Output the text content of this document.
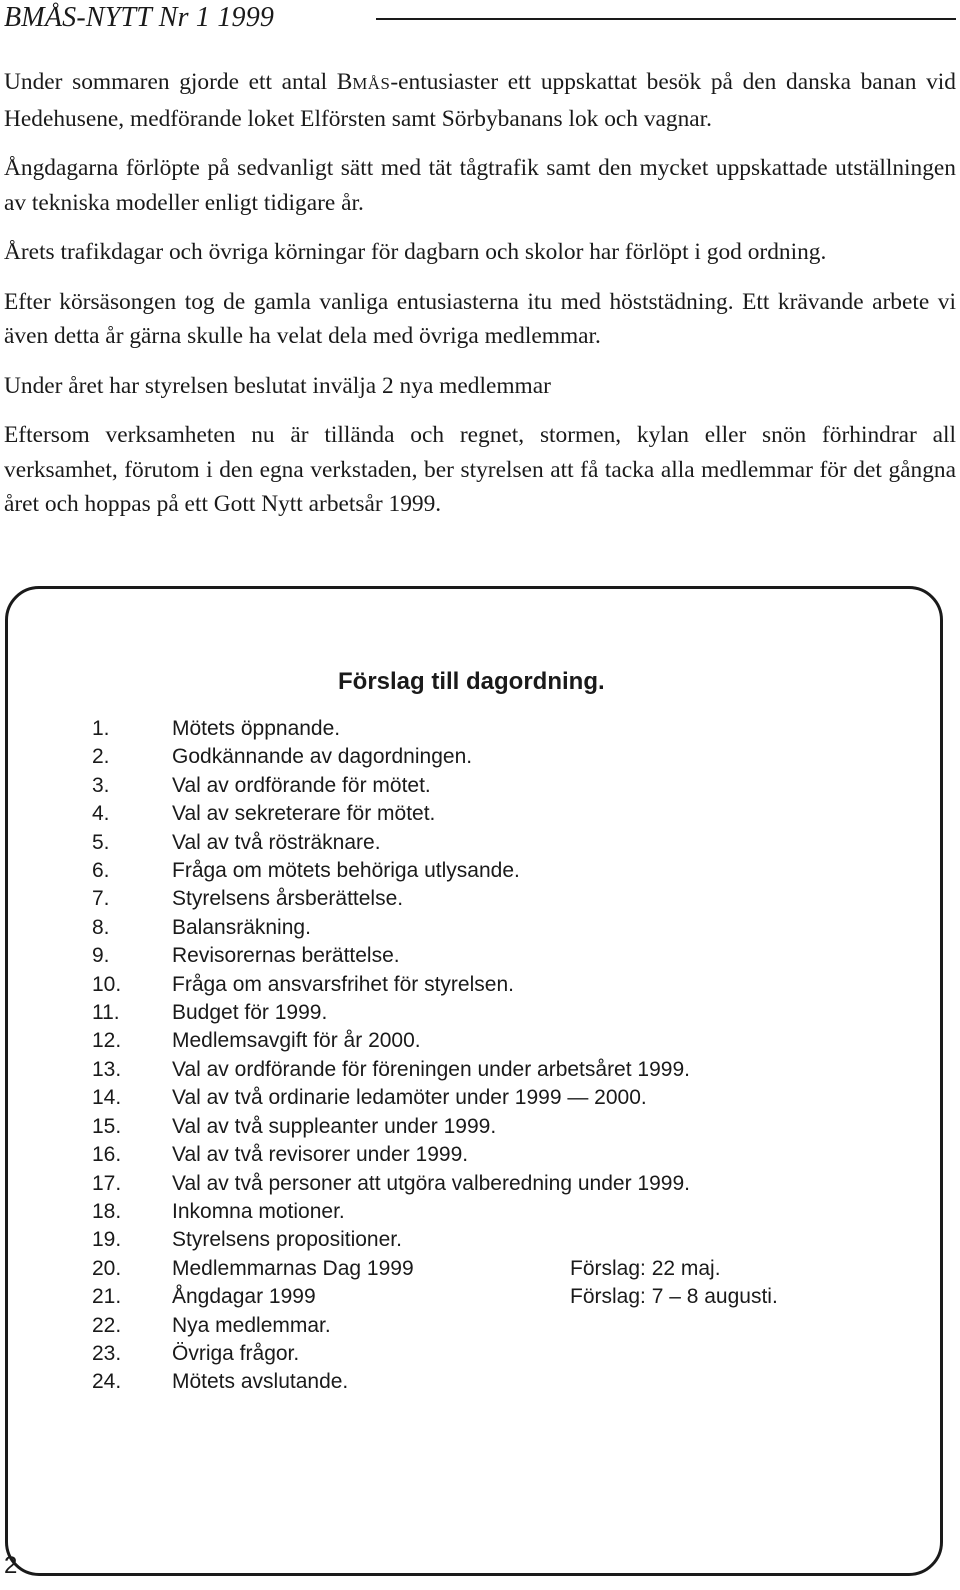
BMÅS-NYTT Nr 1 1999

Under sommaren gjorde ett antal BMÅS-entusiaster ett uppskattat besök på den danska banan vid Hedehusene, medförande loket Elförsten samt Sörbybanans lok och vagnar.

Ångdagarna förlöpte på sedvanligt sätt med tät tågtrafik samt den mycket uppskattade utställningen av tekniska modeller enligt tidigare år.

Årets trafikdagar och övriga körningar för dagbarn och skolor har förlöpt i god ordning.

Efter körsäsongen tog de gamla vanliga entusiasterna itu med höststädning. Ett krävande arbete vi även detta år gärna skulle ha velat dela med övriga medlemmar.

Under året har styrelsen beslutat invälja 2 nya medlemmar

Eftersom verksamheten nu är tillända och regnet, stormen, kylan eller snön förhindrar all verksamhet, förutom i den egna verkstaden, ber styrelsen att få tacka alla medlemmar för det gångna året och hoppas på ett Gott Nytt arbetsår 1999.

Förslag till dagordning.
1.	Mötets öppnande.
2.	Godkännande av dagordningen.
3.	Val av ordförande för mötet.
4.	Val av sekreterare för mötet.
5.	Val av två rösträknare.
6.	Fråga om mötets behöriga utlysande.
7.	Styrelsens årsberättelse.
8.	Balansräkning.
9.	Revisorernas berättelse.
10.	Fråga om ansvarsfrihet för styrelsen.
11.	Budget för 1999.
12.	Medlemsavgift för år 2000.
13.	Val av ordförande för föreningen under arbetsåret 1999.
14.	Val av två ordinarie ledamöter under 1999 — 2000.
15.	Val av två suppleanter under 1999.
16.	Val av två revisorer under 1999.
17.	Val av två personer att utgöra valberedning under 1999.
18.	Inkomna motioner.
19.	Styrelsens propositioner.
20.	Medlemmarnas Dag 1999	Förslag: 22 maj.
21.	Ångdagar 1999	Förslag: 7 – 8 augusti.
22.	Nya medlemmar.
23.	Övriga frågor.
24.	Mötets avslutande.
2
